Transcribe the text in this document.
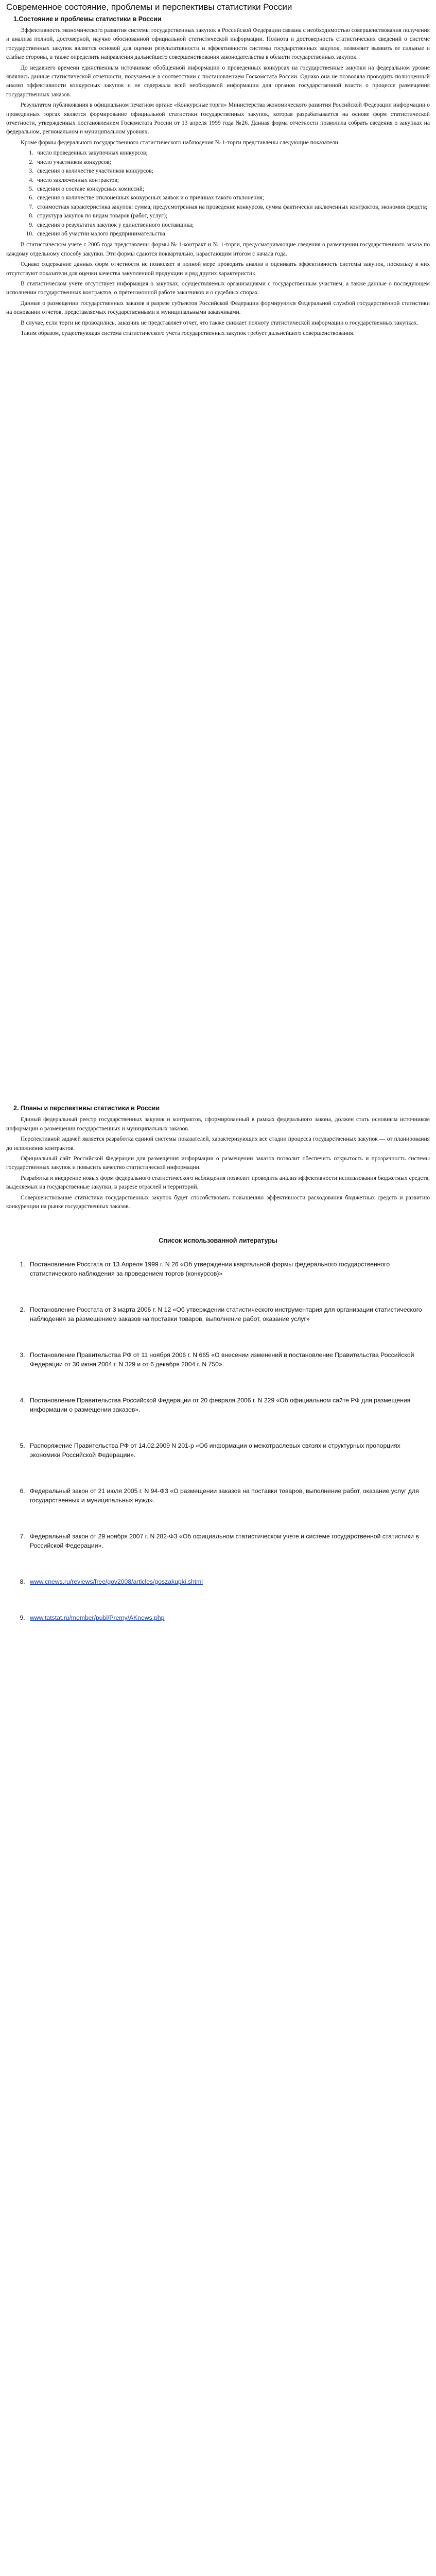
Современное состояние, проблемы и перспективы статистики России
1.Состояние и проблемы статистики в России

Эффективность экономического развития системы государственных закупок в Российской Федерации связана с необходимостью совершенствования получения и анализа полной, достоверной, научно обоснованной официальной статистической информации. Полнота и достоверность статистических сведений о системе государственных закупок является основой для оценки результативности и эффективности системы государственных закупок, позволяет выявить ее сильные и слабые стороны, а также определить направления дальнейшего совершенствования законодательства в области государственных закупок.

До недавнего времени единственным источником обобщенной информации о проведенных конкурсах на государственные закупки на федеральном уровне являлись данные статистической отчетности, получаемые в соответствии с постановлением Госкомстата России. Однако она не позволяла проводить полноценный анализ эффективности конкурсных закупок и не содержала всей необходимой информации для органов государственной власти о процессе размещения государственных заказов.

Результатом публикования в официальном печатном органе «Конкурсные торги» Министерства экономического развития Российской Федерации информации о проведенных торгах является формирование официальной статистики государственных закупок, которая разрабатывается на основе форм статистической отчетности, утвержденных постановлением Госкомстата России от 13 апреля 1999 года №26. Данная форма отчетности позволила собрать сведения о закупках на федеральном, региональном и муниципальном уровнях.

Кроме формы федерального государственного статистического наблюдения № 1-торги представлены следующие показатели:

1. число проведенных закупочных конкурсов;
2. число участников конкурсов;
3. сведения о количестве участников конкурсов;
4. число заключенных контрактов;
5. сведения о составе конкурсных комиссий;
6. сведения о количестве отклоненных конкурсных заявок и о причинах такого отклонения;
7. стоимостная характеристика закупок: сумма, предусмотренная на проведение конкурсов, сумма фактически заключенных контрактов, экономия средств;
8. структура закупок по видам товаров (работ, услуг);
9. сведения о результатах закупок у единственного поставщика;
10. сведения об участии малого предпринимательства.

В статистическом учете с 2005 года представлены формы № 1-контракт и № 1-торги, предусматривающие сведения о размещении государственного заказа по каждому отдельному способу закупки. Эти формы сдаются поквартально, нарастающим итогом с начала года.

Однако содержание данных форм отчетности не позволяет в полной мере проводить анализ и оценивать эффективность системы закупок, поскольку в них отсутствуют показатели для оценки качества закупленной продукции и ряд других характеристик.

В статистическом учете отсутствует информация о закупках, осуществляемых организациями с государственным участием, а также данные о последующем исполнении государственных контрактов, о претензионной работе заказчиков и о судебных спорах.

Данные о размещении государственных заказов в разрезе субъектов Российской Федерации формируются Федеральной службой государственной статистики на основании отчетов, представляемых государственными и муниципальными заказчиками.

В случае, если торги не проводились, заказчик не представляет отчет, что также снижает полноту статистической информации о государственных закупках.

Таким образом, существующая система статистического учета государственных закупок требует дальнейшего совершенствования.

2. Планы и перспективы статистики в России

Единый федеральный реестр государственных закупок и контрактов, сформированный в рамках федерального закона, должен стать основным источником информации о размещении государственных и муниципальных заказов.

Перспективной задачей является разработка единой системы показателей, характеризующих все стадии процесса государственных закупок — от планирования до исполнения контрактов.

Официальный сайт Российской Федерации для размещения информации о размещении заказов позволит обеспечить открытость и прозрачность системы государственных закупок и повысить качество статистической информации.

Разработка и внедрение новых форм федерального статистического наблюдения позволит проводить анализ эффективности использования бюджетных средств, выделяемых на государственные закупки, в разрезе отраслей и территорий.

Совершенствование статистики государственных закупок будет способствовать повышению эффективности расходования бюджетных средств и развитию конкуренции на рынке государственных заказов.

Список использованной литературы
1. Постановление Росстата от 13 Апреля 1999 г. N 26 «Об утверждении квартальной формы федерального государственного статистического наблюдения за проведением торгов (конкурсов)»
2. Постановление Росстата от 3 марта 2006 г. N 12 «Об утверждении статистического инструментария для организации статистического наблюдения за размещением заказов на поставки товаров, выполнение работ, оказание услуг»
3. Постановление Правительства РФ от 11 ноября 2006 г. N 665 «О внесении изменений в постановление Правительства Российской Федерации от 30 июня 2004 г. N 329 и от 6 декабря 2004 г. N 750».
4. Постановление Правительства Российской Федерации от 20 февраля 2006 г. N 229 «Об официальном сайте РФ для размещения информации о размещении заказов».
5. Распоряжение Правительства РФ от 14.02.2009 N 201-р «Об информации о межотраслевых связях и структурных пропорциях экономики Российской Федерации».
6. Федеральный закон от 21 июля 2005 г. N 94-ФЗ «О размещении заказов на поставки товаров, выполнение работ, оказание услуг для государственных и муниципальных нужд».
7. Федеральный закон от 29 ноября 2007 г. N 282-ФЗ «Об официальном статистическом учете и системе государственной статистики в Российской Федерации».
8. www.cnews.ru/reviews/free/gov2008/articles/goszakupki.shtml
9. www.tatstat.ru/member/publ/Premy/AKnews.php
